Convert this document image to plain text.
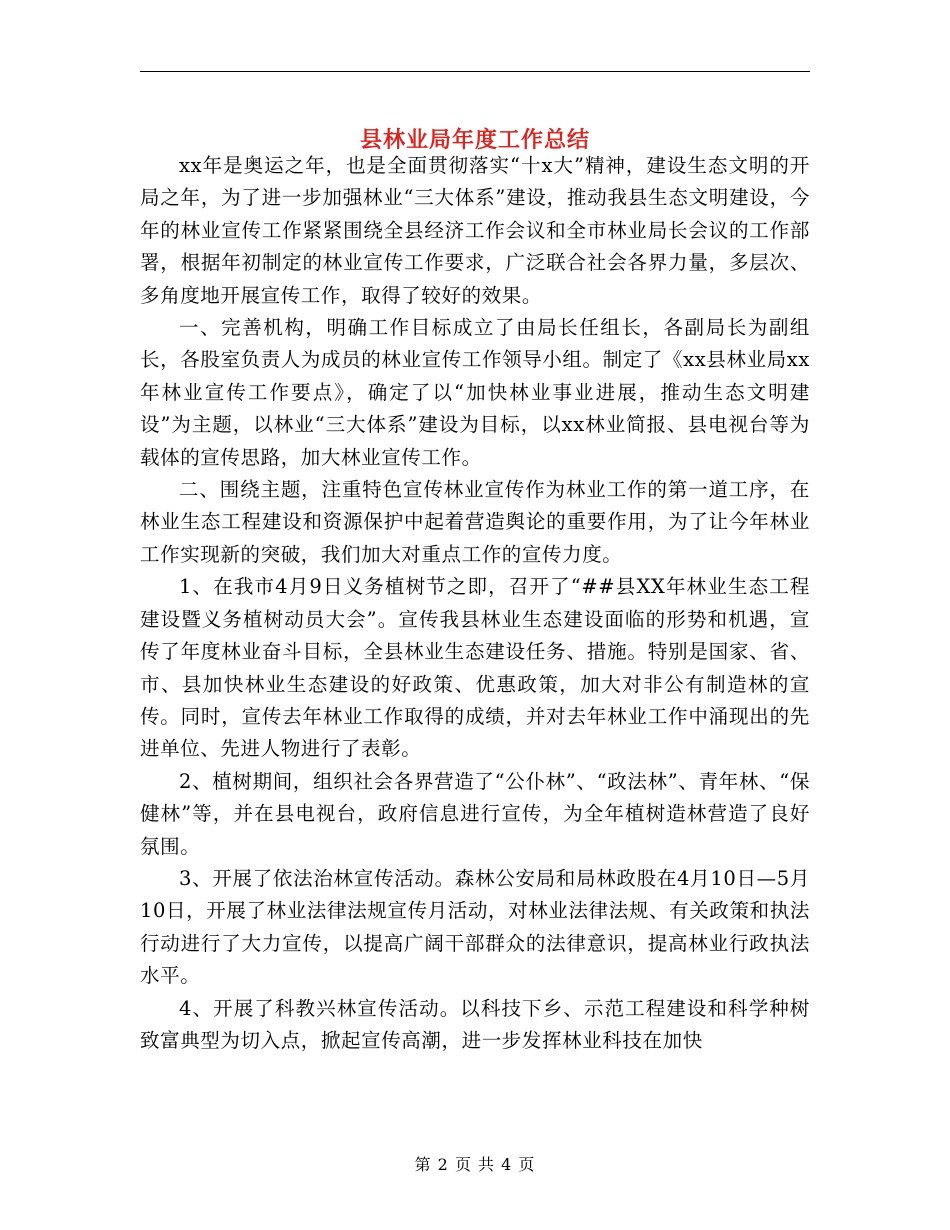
县林业局年度工作总结

xx年是奥运之年，也是全面贯彻落实“十x大”精神，建设生态文明的开局之年，为了进一步加强林业“三大体系”建设，推动我县生态文明建设，今年的林业宣传工作紧紧围绕全县经济工作会议和全市林业局长会议的工作部署，根据年初制定的林业宣传工作要求，广泛联合社会各界力量，多层次、多角度地开展宣传工作，取得了较好的效果。

一、完善机构，明确工作目标成立了由局长任组长，各副局长为副组长，各股室负责人为成员的林业宣传工作领导小组。制定了《xx县林业局xx年林业宣传工作要点》，确定了以“加快林业事业进展，推动生态文明建设”为主题，以林业“三大体系”建设为目标，以xx林业简报、县电视台等为载体的宣传思路，加大林业宣传工作。

二、围绕主题，注重特色宣传林业宣传作为林业工作的第一道工序，在林业生态工程建设和资源保护中起着营造舆论的重要作用，为了让今年林业工作实现新的突破，我们加大对重点工作的宣传力度。

1、在我市4月9日义务植树节之即，召开了“##县XX年林业生态工程建设暨义务植树动员大会”。宣传我县林业生态建设面临的形势和机遇，宣传了年度林业奋斗目标，全县林业生态建设任务、措施。特别是国家、省、市、县加快林业生态建设的好政策、优惠政策，加大对非公有制造林的宣传。同时，宣传去年林业工作取得的成绩，并对去年林业工作中涌现出的先进单位、先进人物进行了表彰。

2、植树期间，组织社会各界营造了“公仆林”、“政法林”、青年林、“保健林”等，并在县电视台，政府信息进行宣传，为全年植树造林营造了良好氛围。

3、开展了依法治林宣传活动。森林公安局和局林政股在4月10日—5月10日，开展了林业法律法规宣传月活动，对林业法律法规、有关政策和执法行动进行了大力宣传，以提高广阔干部群众的法律意识，提高林业行政执法水平。

4、开展了科教兴林宣传活动。以科技下乡、示范工程建设和科学种树致富典型为切入点，掀起宣传高潮，进一步发挥林业科技在加快

第 2 页 共 4 页
